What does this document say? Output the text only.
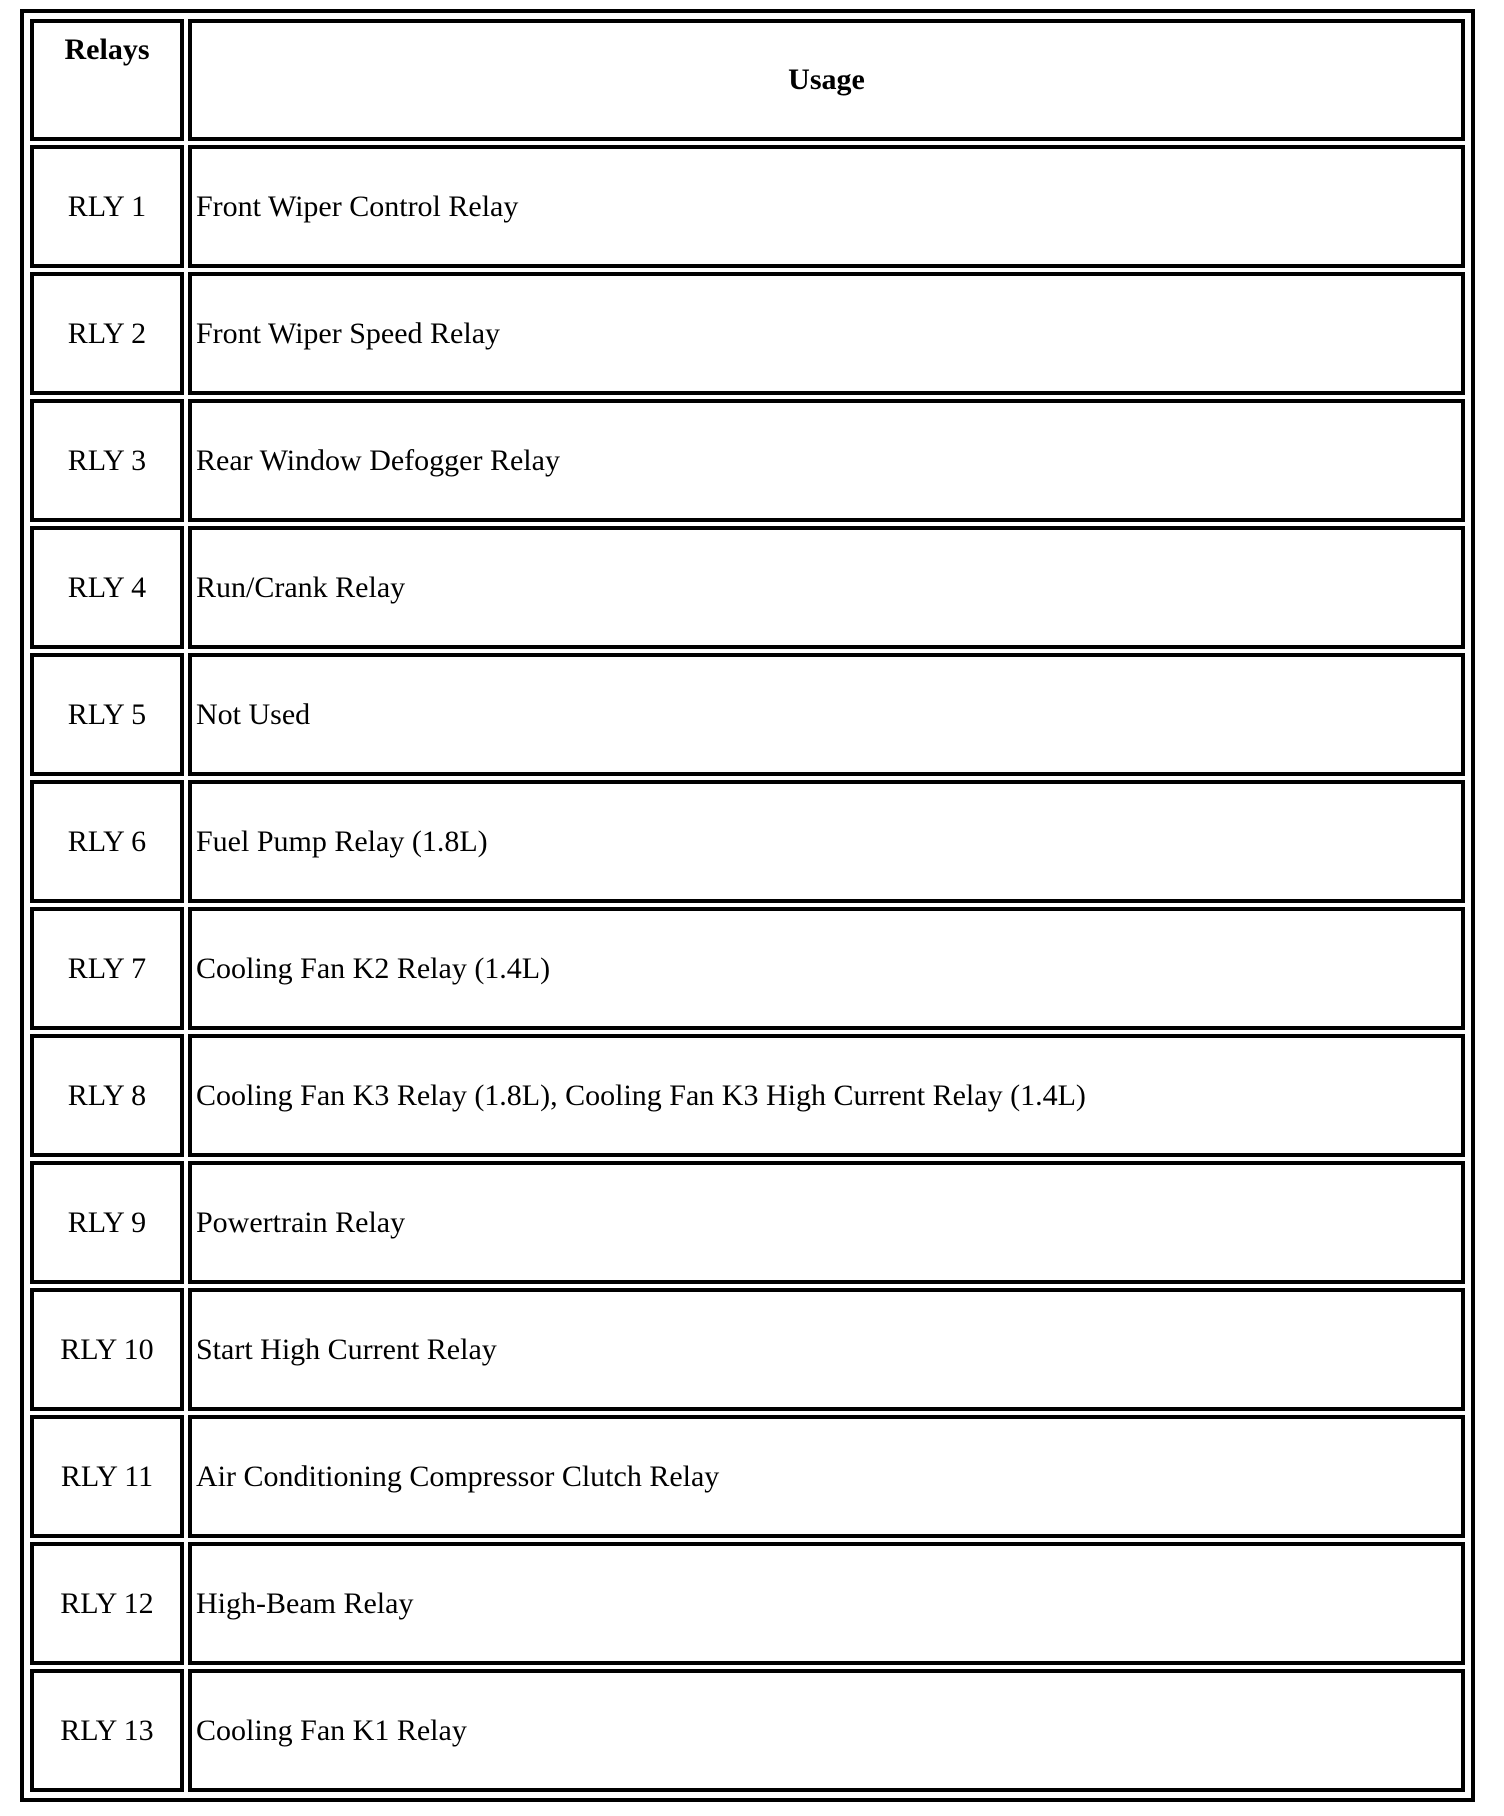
Relays	Usage
RLY 1	Front Wiper Control Relay
RLY 2	Front Wiper Speed Relay
RLY 3	Rear Window Defogger Relay
RLY 4	Run/Crank Relay
RLY 5	Not Used
RLY 6	Fuel Pump Relay (1.8L)
RLY 7	Cooling Fan K2 Relay (1.4L)
RLY 8	Cooling Fan K3 Relay (1.8L), Cooling Fan K3 High Current Relay (1.4L)
RLY 9	Powertrain Relay
RLY 10	Start High Current Relay
RLY 11	Air Conditioning Compressor Clutch Relay
RLY 12	High-Beam Relay
RLY 13	Cooling Fan K1 Relay
